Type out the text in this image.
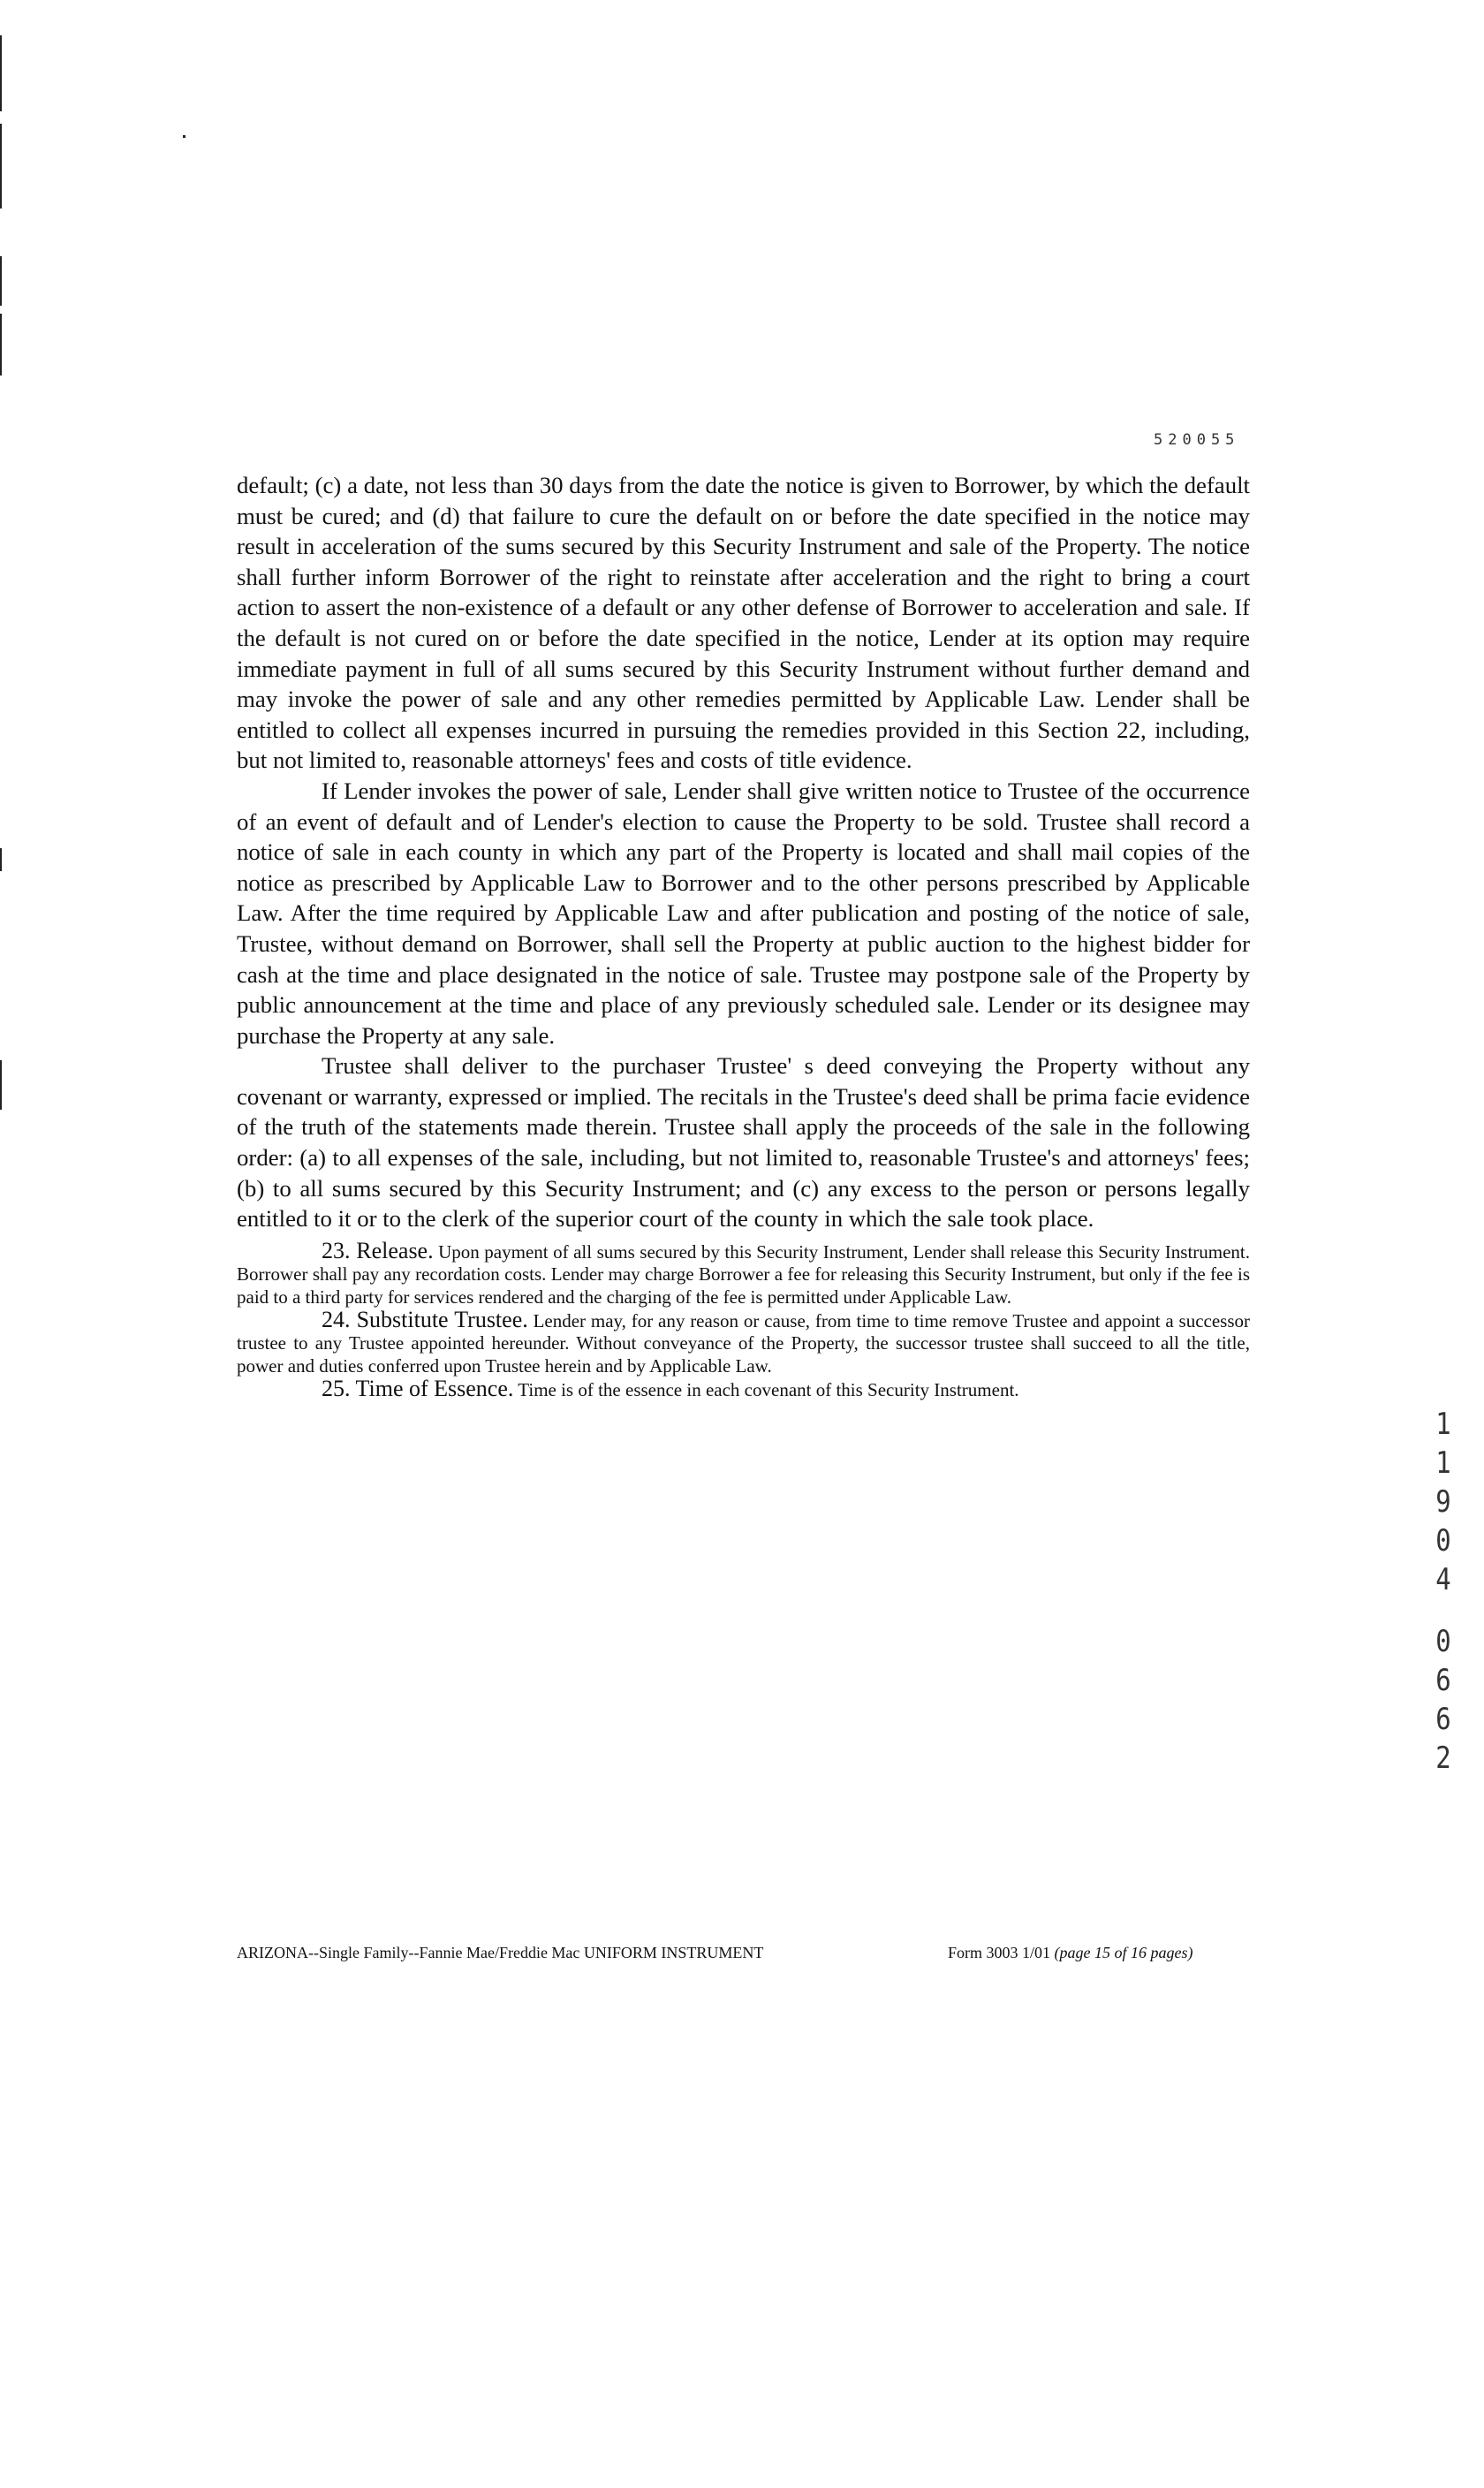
520055

default; (c) a date, not less than 30 days from the date the notice is given to Borrower, by which the default must be cured; and (d) that failure to cure the default on or before the date specified in the notice may result in acceleration of the sums secured by this Security Instrument and sale of the Property. The notice shall further inform Borrower of the right to reinstate after acceleration and the right to bring a court action to assert the non-existence of a default or any other defense of Borrower to acceleration and sale. If the default is not cured on or before the date specified in the notice, Lender at its option may require immediate payment in full of all sums secured by this Security Instrument without further demand and may invoke the power of sale and any other remedies permitted by Applicable Law. Lender shall be entitled to collect all expenses incurred in pursuing the remedies provided in this Section 22, including, but not limited to, reasonable attorneys' fees and costs of title evidence.

If Lender invokes the power of sale, Lender shall give written notice to Trustee of the occurrence of an event of default and of Lender's election to cause the Property to be sold. Trustee shall record a notice of sale in each county in which any part of the Property is located and shall mail copies of the notice as prescribed by Applicable Law to Borrower and to the other persons prescribed by Applicable Law. After the time required by Applicable Law and after publication and posting of the notice of sale, Trustee, without demand on Borrower, shall sell the Property at public auction to the highest bidder for cash at the time and place designated in the notice of sale. Trustee may postpone sale of the Property by public announcement at the time and place of any previously scheduled sale. Lender or its designee may purchase the Property at any sale.

Trustee shall deliver to the purchaser Trustee' s deed conveying the Property without any covenant or warranty, expressed or implied. The recitals in the Trustee's deed shall be prima facie evidence of the truth of the statements made therein. Trustee shall apply the proceeds of the sale in the following order: (a) to all expenses of the sale, including, but not limited to, reasonable Trustee's and attorneys' fees; (b) to all sums secured by this Security Instrument; and (c) any excess to the person or persons legally entitled to it or to the clerk of the superior court of the county in which the sale took place.

23. Release. Upon payment of all sums secured by this Security Instrument, Lender shall release this Security Instrument. Borrower shall pay any recordation costs. Lender may charge Borrower a fee for releasing this Security Instrument, but only if the fee is paid to a third party for services rendered and the charging of the fee is permitted under Applicable Law.

24. Substitute Trustee. Lender may, for any reason or cause, from time to time remove Trustee and appoint a successor trustee to any Trustee appointed hereunder. Without conveyance of the Property, the successor trustee shall succeed to all the title, power and duties conferred upon Trustee herein and by Applicable Law.

25. Time of Essence. Time is of the essence in each covenant of this Security Instrument.

1
1
9
0
4
0
6
6
2
ARIZONA--Single Family--Fannie Mae/Freddie Mac UNIFORM INSTRUMENT	Form 3003 1/01 (page 15 of 16 pages)
